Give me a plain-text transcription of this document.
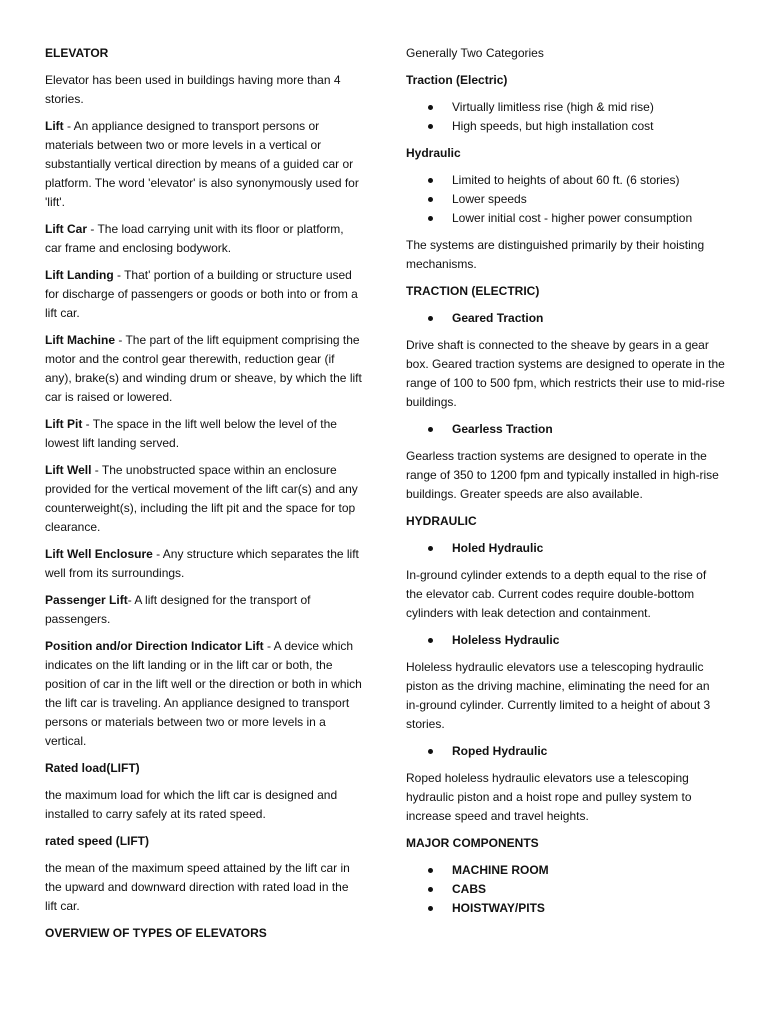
ELEVATOR

Elevator has been used in buildings having more than 4 stories.

Lift - An appliance designed to transport persons or materials between two or more levels in a vertical or substantially vertical direction by means of a guided car or platform. The word 'elevator' is also synonymously used for 'lift'.

Lift Car - The load carrying unit with its floor or platform, car frame and enclosing bodywork.

Lift Landing - That' portion of a building or structure used for discharge of passengers or goods or both into or from a lift car.

Lift Machine - The part of the lift equipment comprising the motor and the control gear therewith, reduction gear (if any), brake(s) and winding drum or sheave, by which the lift car is raised or lowered.

Lift Pit - The space in the lift well below the level of the lowest lift landing served.

Lift Well - The unobstructed space within an enclosure provided for the vertical movement of the lift car(s) and any counterweight(s), including the lift pit and the space for top clearance.

Lift Well Enclosure - Any structure which separates the lift well from its surroundings.

Passenger Lift- A lift designed for the transport of passengers.

Position and/or Direction Indicator Lift - A device which indicates on the lift landing or in the lift car or both, the position of car in the lift well or the direction or both in which the lift car is traveling. An appliance designed to transport persons or materials between two or more levels in a vertical.

Rated load(LIFT)

the maximum load for which the lift car is designed and installed to carry safely at its rated speed.

rated speed (LIFT)

the mean of the maximum speed attained by the lift car in the upward and downward direction with rated load in the lift car.

OVERVIEW OF TYPES OF ELEVATORS

Generally Two Categories

Traction (Electric)

Virtually limitless rise (high & mid rise)
High speeds, but high installation cost

Hydraulic

Limited to heights of about 60 ft. (6 stories)
Lower speeds
Lower initial cost - higher power consumption

The systems are distinguished primarily by their hoisting mechanisms.

TRACTION (ELECTRIC)

Geared Traction

Drive shaft is connected to the sheave by gears in a gear box. Geared traction systems are designed to operate in the range of 100 to 500 fpm, which restricts their use to mid-rise buildings.

Gearless Traction

Gearless traction systems are designed to operate in the range of 350 to 1200 fpm and typically installed in high-rise buildings. Greater speeds are also available.

HYDRAULIC

Holed Hydraulic

In-ground cylinder extends to a depth equal to the rise of the elevator cab. Current codes require double-bottom cylinders with leak detection and containment.

Holeless Hydraulic

Holeless hydraulic elevators use a telescoping hydraulic piston as the driving machine, eliminating the need for an in-ground cylinder. Currently limited to a height of about 3 stories.

Roped Hydraulic

Roped holeless hydraulic elevators use a telescoping hydraulic piston and a hoist rope and pulley system to increase speed and travel heights.

MAJOR COMPONENTS

MACHINE ROOM
CABS
HOISTWAY/PITS
